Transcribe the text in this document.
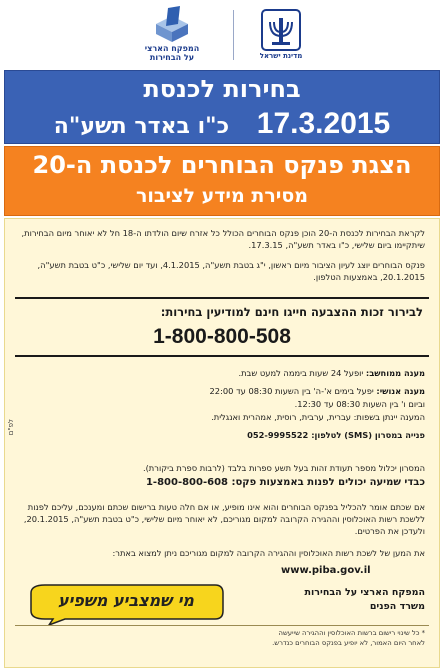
מדינת ישראל
המפקח הארצי
על הבחירות
בחירות לכנסת
17.3.2015 כ"ו באדר תשע"ה
הצגת פנקס הבוחרים לכנסת ה-20
מסירת מידע לציבור
לקראת הבחירות לכנסת ה-20 הוכן פנקס הבוחרים הכולל כל אזרח שיום הולדתו ה-18 חל לא יאוחר מיום הבחירות, שיתקיימו ביום שלישי, כ"ו באדר תשע"ה, 17.3.15.
פנקס הבוחרים יוצג לעיון הציבור מיום ראשון, י"ג בטבת תשע"ה, 4.1.2015, ועד יום שלישי, כ"ט בטבת תשע"ה, 20.1.2015, באמצעות הטלפון.
לבירור זכות ההצבעה חייגו חינם למודיעין בחירות:
1-800-800-508
מענה ממוחשב: יופעל 24 שעות ביממה למעט שבת.
מענה אנושי: יפעל בימים א'-ה' בין השעות 08:30 עד 22:00
וביום ו' בין השעות 08:30 עד 12:30.
המענה יינתן בשפות: עברית, ערבית, רוסית, אמהרית ואנגלית.
פנייה במסרון (SMS) לטלפון: 052-9995522
המסרון יכלול מספר תעודת זהות בעל תשע ספרות בלבד (לרבות ספרת ביקורת).
כבדי שמיעה יכולים לפנות באמצעות פקס: 1-800-800-608
אם שכתם אומר להכליל בפנקס הבוחרים והוא אינו מופיע, או אם חלה טעות ברישום שכתם ומענכם, עליכם לפנות ללשכת רשות האוכלוסין וההגירה הקרובה למקום מגוריכם, לא יאוחר מיום שלישי, כ"ט בטבת תשע"ה, 20.1.2015, ולעדכן את הפרטים.
את המען של לשכת רשות האוכלוסין וההגירה הקרובה למקום מגוריכם ניתן למצוא באתר:
www.piba.gov.il
לפ"ם
מי שמצביע משפיע	המפקח הארצי על הבחירות
משרד הפנים
* כל שינוי רישום ברשות האוכלוסין וההגירה שייעשה
לאחר היום האמור, לא יופיע בפנקס הבוחרים כנדרש.
